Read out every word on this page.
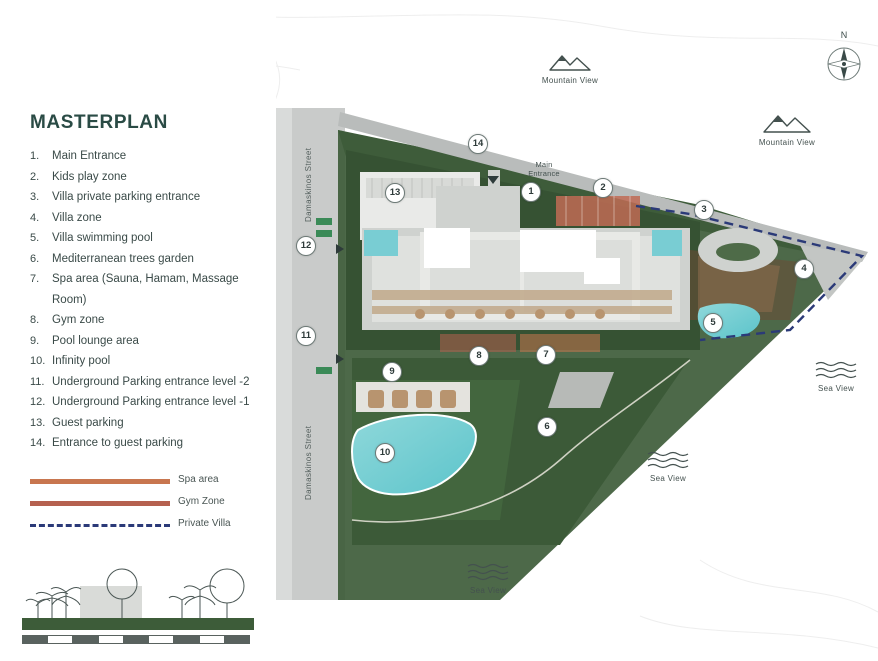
N
Mountain View
Mountain View
Sea View
Sea View
Sea View
Main
Entrance
Damaskinos Street
Damaskinos Street
1	2
3
4
5
6
7
8
9
10
11
12
13
14
MASTERPLAN
1.	Main Entrance
2.	Kids play zone
3.	Villa private parking entrance
4.	Villa zone
5.	Villa swimming pool
6.	Mediterranean trees garden
7.	Spa area (Sauna, Hamam, Massage Room)
8.	Gym zone
9.	Pool lounge area
10. Infinity pool
11. Underground Parking entrance level -2
12. Underground Parking entrance level -1
13. Guest parking
14. Entrance to guest parking
Spa area
Gym Zone
Private Villa
